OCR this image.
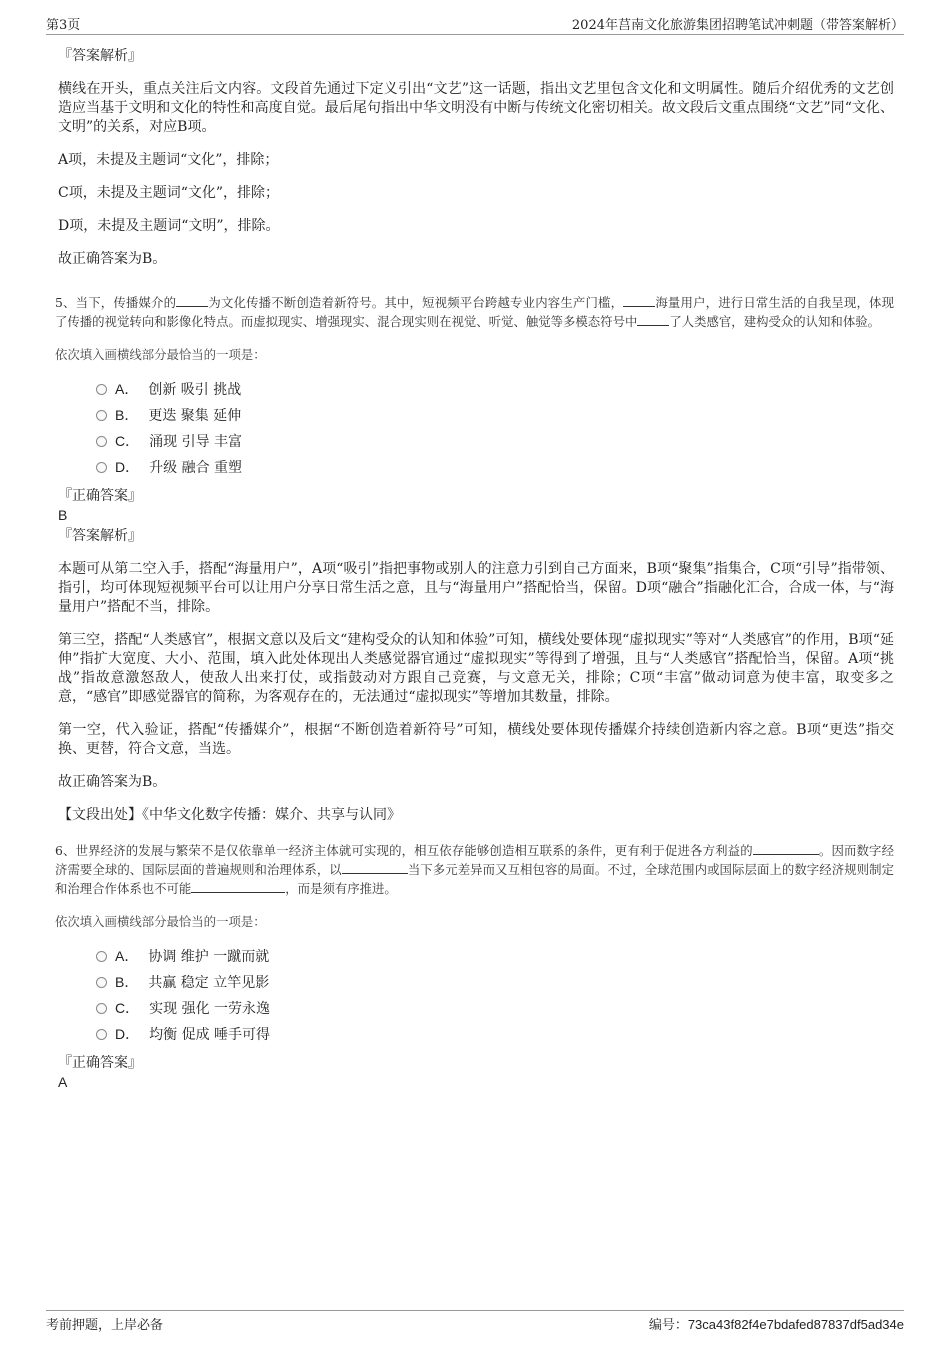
第3页	2024年莒南文化旅游集团招聘笔试冲刺题（带答案解析）

『答案解析』

横线在开头，重点关注后文内容。文段首先通过下定义引出“文艺”这一话题，指出文艺里包含文化和文明属性。随后介绍优秀的文艺创造应当基于文明和文化的特性和高度自觉。最后尾句指出中华文明没有中断与传统文化密切相关。故文段后文重点围绕“文艺”同“文化、文明”的关系，对应B项。

A项，未提及主题词“文化”，排除；

C项，未提及主题词“文化”，排除；

D项，未提及主题词“文明”，排除。

故正确答案为B。

5、当下，传播媒介的	为文化传播不断创造着新符号。其中，短视频平台跨越专业内容生产门槛，	海量用户，进行日常生活的自我呈现，体现了传播的视觉转向和影像化特点。而虚拟现实、增强现实、混合现实则在视觉、听觉、触觉等多模态符号中	了人类感官，建构受众的认知和体验。

依次填入画横线部分最恰当的一项是：

A． 创新 吸引 挑战
B． 更迭 聚集 延伸
C． 涌现 引导 丰富
D． 升级 融合 重塑

『正确答案』

B

『答案解析』

本题可从第二空入手，搭配“海量用户”，A项“吸引”指把事物或别人的注意力引到自己方面来，B项“聚集”指集合，C项“引导”指带领、指引，均可体现短视频平台可以让用户分享日常生活之意，且与“海量用户”搭配恰当，保留。D项“融合”指融化汇合，合成一体，与“海量用户”搭配不当，排除。

第三空，搭配“人类感官”，根据文意以及后文“建构受众的认知和体验”可知，横线处要体现“虚拟现实”等对“人类感官”的作用，B项“延伸”指扩大宽度、大小、范围，填入此处体现出人类感觉器官通过“虚拟现实”等得到了增强，且与“人类感官”搭配恰当，保留。A项“挑战”指故意激怒敌人，使敌人出来打仗，或指鼓动对方跟自己竞赛，与文意无关，排除；C项“丰富”做动词意为使丰富，取变多之意，“感官”即感觉器官的简称，为客观存在的，无法通过“虚拟现实”等增加其数量，排除。

第一空，代入验证，搭配“传播媒介”，根据“不断创造着新符号”可知，横线处要体现传播媒介持续创造新内容之意。B项“更迭”指交换、更替，符合文意，当选。

故正确答案为B。

【文段出处】《中华文化数字传播：媒介、共享与认同》

6、世界经济的发展与繁荣不是仅依靠单一经济主体就可实现的，相互依存能够创造相互联系的条件，更有利于促进各方利益的	。因而数字经济需要全球的、国际层面的普遍规则和治理体系，以	当下多元差异而又互相包容的局面。不过，全球范围内或国际层面上的数字经济规则制定和治理合作体系也不可能	，而是须有序推进。

依次填入画横线部分最恰当的一项是：

A． 协调 维护 一蹴而就
B． 共赢 稳定 立竿见影
C． 实现 强化 一劳永逸
D． 均衡 促成 唾手可得

『正确答案』

A

考前押题，上岸必备	编号：73ca43f82f4e7bdafed87837df5ad34e
